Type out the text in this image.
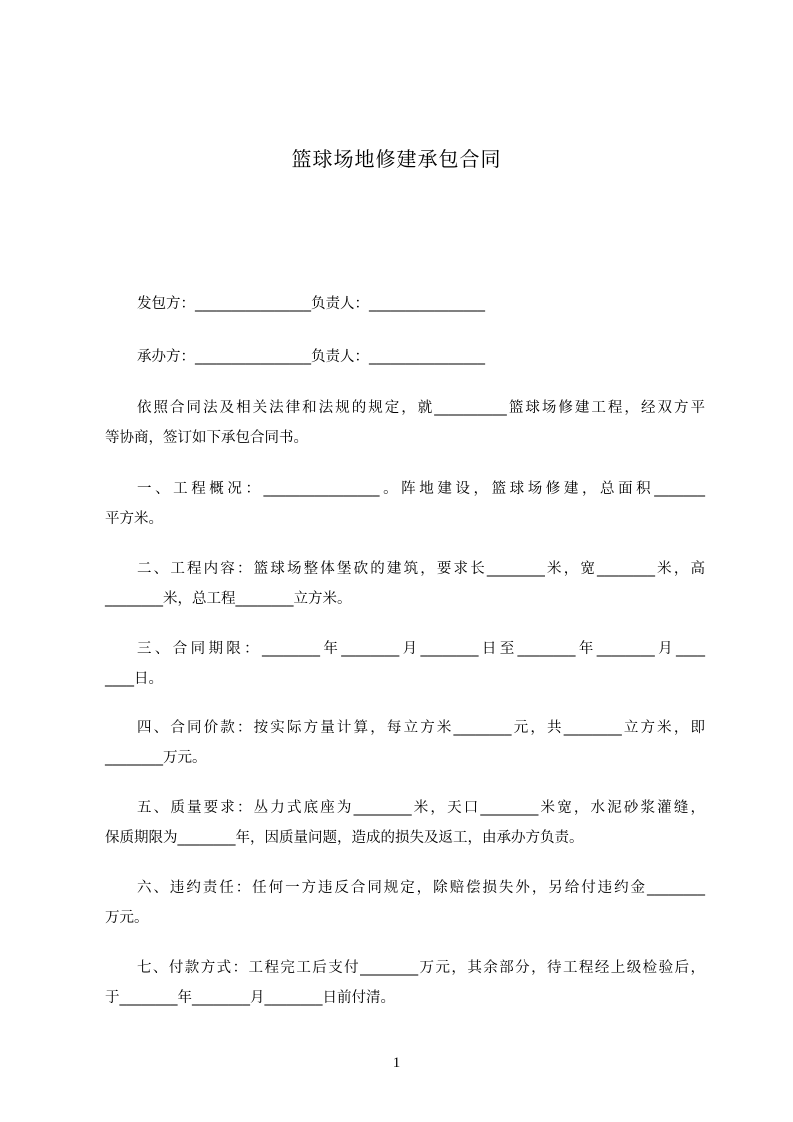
篮球场地修建承包合同
发包方：________________负责人：________________
承办方：________________负责人：________________
依照合同法及相关法律和法规的规定，就__________篮球场修建工程，经双方平
等协商，签订如下承包合同书。
一、工程概况：________________。阵地建设，篮球场修建，总面积_______
平方米。
二、工程内容：篮球场整体堡砍的建筑，要求长________米，宽________米，高
________米，总工程________立方米。
三、合同期限：________年________月________日至________年________月____
____日。
四、合同价款：按实际方量计算，每立方米________元，共________立方米，即
________万元。
五、质量要求：丛力式底座为________米，天口________米宽，水泥砂浆灌缝，
保质期限为________年，因质量问题，造成的损失及返工，由承办方负责。
六、违约责任：任何一方违反合同规定，除赔偿损失外，另给付违约金________
万元。
七、付款方式：工程完工后支付________万元，其余部分，待工程经上级检验后，
于________年________月________日前付清。
1
